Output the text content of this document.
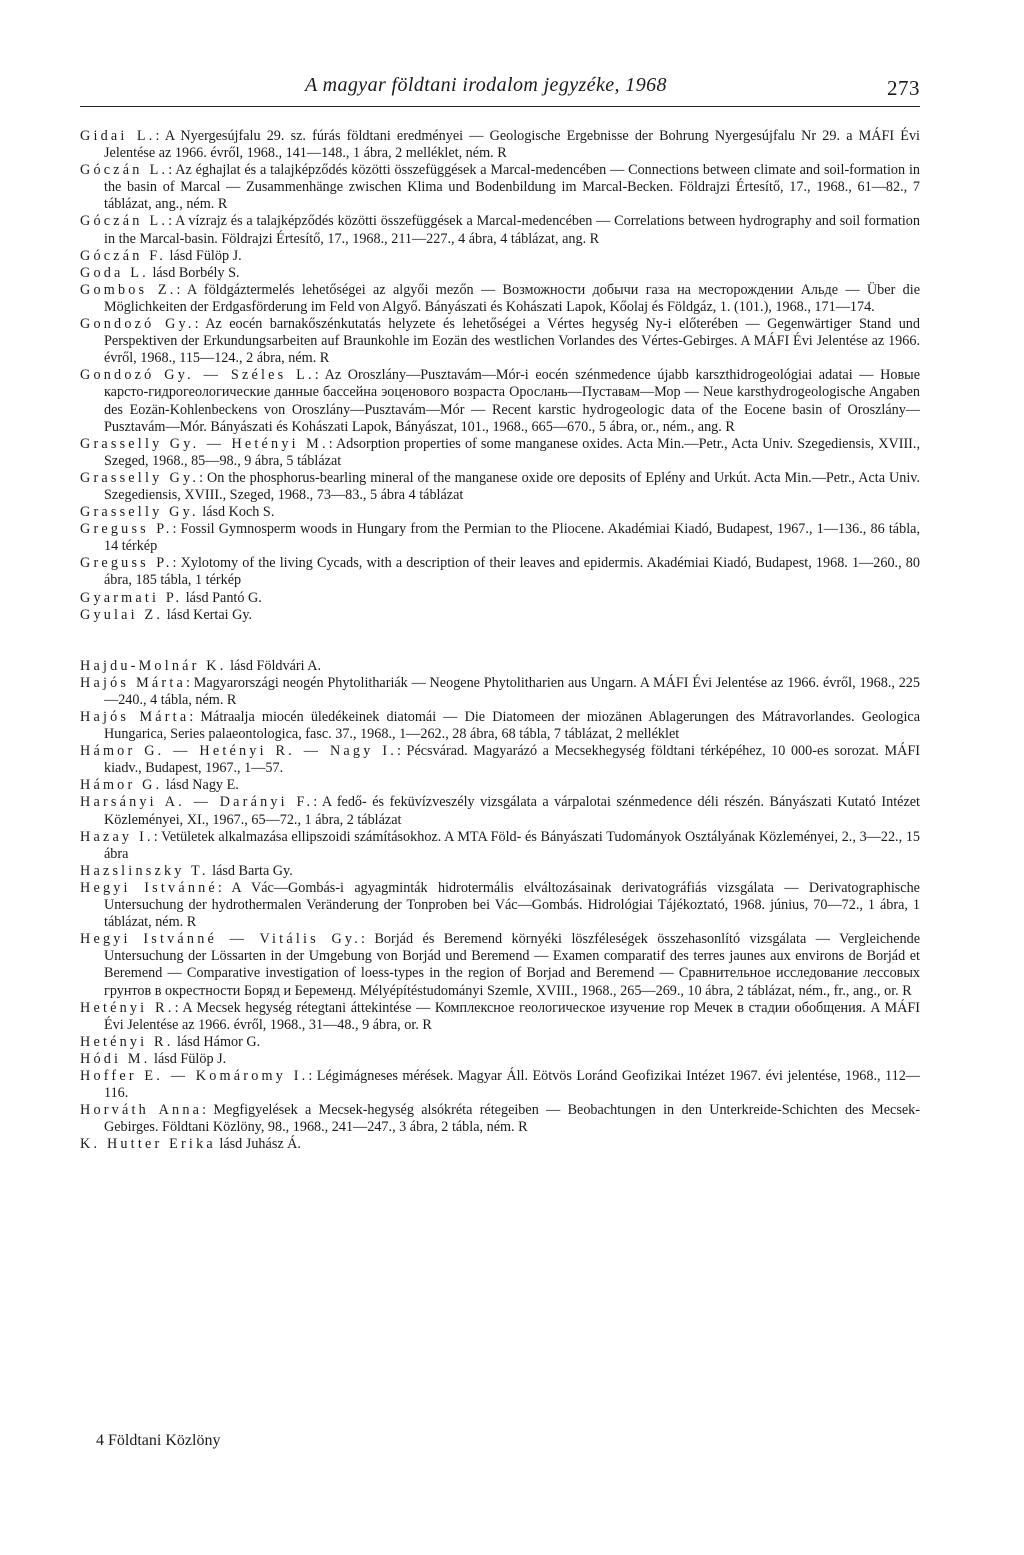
A magyar földtani irodalom jegyzéke, 1968	273

Gidai L.: A Nyergesújfalu 29. sz. fúrás földtani eredményei — Geologische Ergebnisse der Bohrung Nyergesújfalu Nr 29. a MÁFI Évi Jelentése az 1966. évről, 1968., 141—148., 1 ábra, 2 melléklet, ném. R

Góczán L.: Az éghajlat és a talajképződés közötti összefüggések a Marcal-medencében — Connections between climate and soil-formation in the basin of Marcal — Zusammenhänge zwischen Klima und Bodenbildung im Marcal-Becken. Földrajzi Értesítő, 17., 1968., 61—82., 7 táblázat, ang., ném. R

Góczán L.: A vízrajz és a talajképződés közötti összefüggések a Marcal-medencében — Correlations between hydrography and soil formation in the Marcal-basin. Földrajzi Értesítő, 17., 1968., 211—227., 4 ábra, 4 táblázat, ang. R

Góczán F. lásd Fülöp J.

Goda L. lásd Borbély S.

Gombos Z.: A földgáztermelés lehetőségei az algyői mezőn — Возможности добычи газа на месторождении Альде — Über die Möglichkeiten der Erdgasförderung im Feld von Algyő. Bányászati és Kohászati Lapok, Kőolaj és Földgáz, 1. (101.), 1968., 171—174.

Gondozó Gy.: Az eocén barnakőszénkutatás helyzete és lehetőségei a Vértes hegység Ny-i előterében — Gegenwärtiger Stand und Perspektiven der Erkundungsarbeiten auf Braunkohle im Eozän des westlichen Vorlandes des Vértes-Gebirges. A MÁFI Évi Jelentése az 1966. évről, 1968., 115—124., 2 ábra, ném. R

Gondozó Gy. — Széles L.: Az Oroszlány—Pusztavám—Mór-i eocén szénmedence újabb karszthidrogeológiai adatai — Новые карсто-гидрогеологические данные бассейна эоценового возраста Орослань—Пуставам—Мор — Neue karsthydrogeologische Angaben des Eozän-Kohlenbeckens von Oroszlány—Pusztavám—Mór — Recent karstic hydrogeologic data of the Eocene basin of Oroszlány—Pusztavám—Mór. Bányászati és Kohászati Lapok, Bányászat, 101., 1968., 665—670., 5 ábra, or., ném., ang. R

Grasselly Gy. — Hetényi M.: Adsorption properties of some manganese oxides. Acta Min.—Petr., Acta Univ. Szegediensis, XVIII., Szeged, 1968., 85—98., 9 ábra, 5 táblázat

Grasselly Gy.: On the phosphorus-bearling mineral of the manganese oxide ore deposits of Eplény and Urkút. Acta Min.—Petr., Acta Univ. Szegediensis, XVIII., Szeged, 1968., 73—83., 5 ábra 4 táblázat

Grasselly Gy. lásd Koch S.

Greguss P.: Fossil Gymnosperm woods in Hungary from the Permian to the Pliocene. Akadémiai Kiadó, Budapest, 1967., 1—136., 86 tábla, 14 térkép

Greguss P.: Xylotomy of the living Cycads, with a description of their leaves and epidermis. Akadémiai Kiadó, Budapest, 1968. 1—260., 80 ábra, 185 tábla, 1 térkép

Gyarmati P. lásd Pantó G.

Gyulai Z. lásd Kertai Gy.

Hajdu-Molnár K. lásd Földvári A.

Hajós Márta: Magyarországi neogén Phytolithariák — Neogene Phytolitharien aus Ungarn. A MÁFI Évi Jelentése az 1966. évről, 1968., 225—240., 4 tábla, ném. R

Hajós Márta: Mátraalja miocén üledékeinek diatomái — Die Diatomeen der miozänen Ablagerungen des Mátravorlandes. Geologica Hungarica, Series palaeontologica, fasc. 37., 1968., 1—262., 28 ábra, 68 tábla, 7 táblázat, 2 melléklet

Hámor G. — Hetényi R. — Nagy I.: Pécsvárad. Magyarázó a Mecsekhegység földtani térképéhez, 10 000-es sorozat. MÁFI kiadv., Budapest, 1967., 1—57.

Hámor G. lásd Nagy E.

Harsányi A. — Darányi F.: A fedő- és feküvízveszély vizsgálata a várpalotai szénmedence déli részén. Bányászati Kutató Intézet Közleményei, XI., 1967., 65—72., 1 ábra, 2 táblázat

Hazay I.: Vetületek alkalmazása ellipszoidi számításokhoz. A MTA Föld- és Bányászati Tudományok Osztályának Közleményei, 2., 3—22., 15 ábra

Hazslinszky T. lásd Barta Gy.

Hegyi Istvánné: A Vác—Gombás-i agyagminták hidrotermális elváltozásainak derivatográfiás vizsgálata — Derivatographische Untersuchung der hydrothermalen Veränderung der Tonproben bei Vác—Gombás. Hidrológiai Tájékoztató, 1968. június, 70—72., 1 ábra, 1 táblázat, ném. R

Hegyi Istvánné — Vitális Gy.: Borjád és Beremend környéki löszféleségek összehasonlító vizsgálata — Vergleichende Untersuchung der Lössarten in der Umgebung von Borjád und Beremend — Examen comparatif des terres jaunes aux environs de Borjád et Beremend — Comparative investigation of loess-types in the region of Borjad and Beremend — Сравнительное исследование лессовых грунтов в окрестности Боряд и Беременд. Mélyépítéstudományi Szemle, XVIII., 1968., 265—269., 10 ábra, 2 táblázat, ném., fr., ang., or. R

Hetényi R.: A Mecsek hegység rétegtani áttekintése — Комплексное геологическое изучение гор Мечек в стадии обобщения. A MÁFI Évi Jelentése az 1966. évről, 1968., 31—48., 9 ábra, or. R

Hetényi R. lásd Hámor G.

Hódi M. lásd Fülöp J.

Hoffer E. — Komáromy I.: Légimágneses mérések. Magyar Áll. Eötvös Loránd Geofizikai Intézet 1967. évi jelentése, 1968., 112—116.

Horváth Anna: Megfigyelések a Mecsek-hegység alsókréta rétegeiben — Beobachtungen in den Unterkreide-Schichten des Mecsek-Gebirges. Földtani Közlöny, 98., 1968., 241—247., 3 ábra, 2 tábla, ném. R

K. Hutter Erika lásd Juhász Á.

4 Földtani Közlöny
